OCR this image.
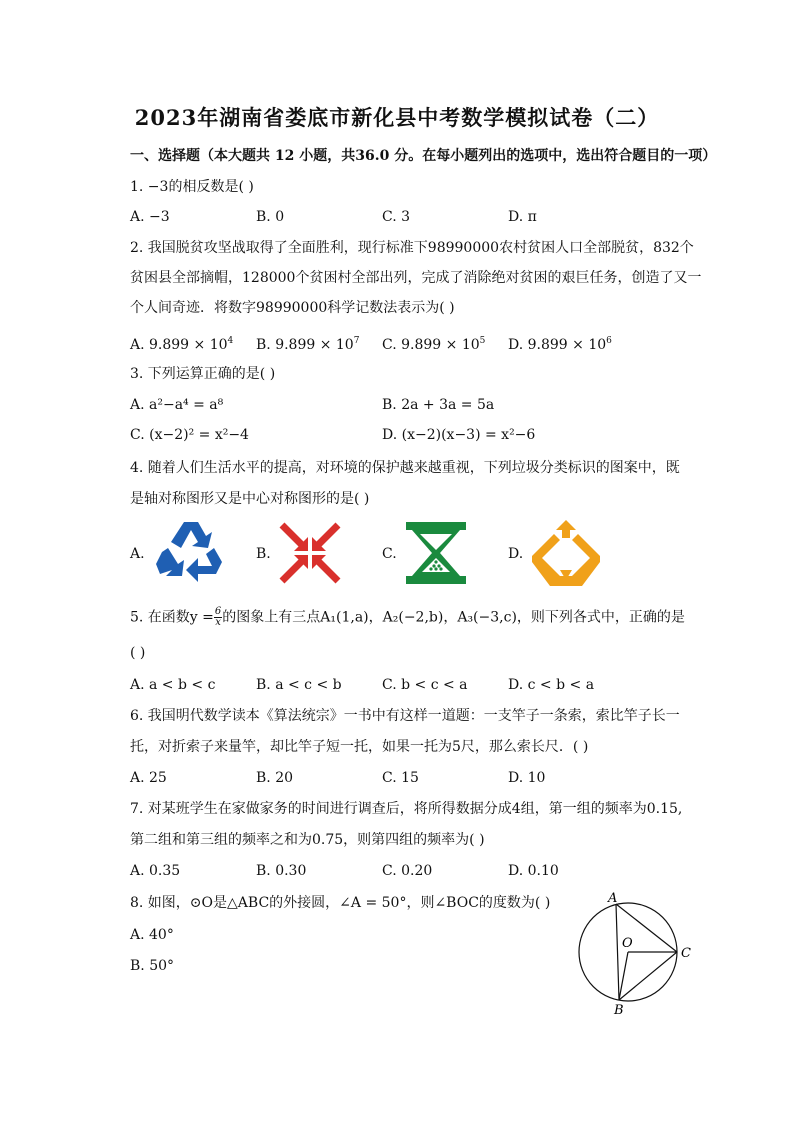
2023年湖南省娄底市新化县中考数学模拟试卷（二）
一、选择题（本大题共 12 小题，共36.0 分。在每小题列出的选项中，选出符合题目的一项）
1. −3的相反数是( )
A. −3	B. 0	C. 3	D. π
2. 我国脱贫攻坚战取得了全面胜利，现行标准下98990000农村贫困人口全部脱贫，832个
贫困县全部摘帽，128000个贫困村全部出列，完成了消除绝对贫困的艰巨任务，创造了又一
个人间奇迹．将数字98990000科学记数法表示为( )
A. $9.899 \times 10^4$ B. $9.899 \times 10^7$ C. $9.899 \times 10^5$ D. $9.899 \times 10^6$
3. 下列运算正确的是( )
A. a²−a⁴ = a⁸	B. 2a + 3a = 5a
C. (x−2)² = x²−4	D. (x−2)(x−3) = x²−6
4. 随着人们生活水平的提高，对环境的保护越来越重视，下列垃圾分类标识的图案中，既
是轴对称图形又是中心对称图形的是( )
A.	B.	C.	D.
5. 在函数$y = \frac{6}{x}$ 的图象上有三点A₁(1,a)，A₂(−2,b)，A₃(−3,c)，则下列各式中，正确的是
( )
A. a < b < c	B. a < c < b	C. b < c < a	D. c < b < a
6. 我国明代数学读本《算法统宗》一书中有这样一道题：一支竿子一条索，索比竿子长一
托，对折索子来量竿，却比竿子短一托，如果一托为5尺，那么索长尺．( )
A. 25	B. 20	C. 15	D. 10
7. 对某班学生在家做家务的时间进行调查后，将所得数据分成4组，第一组的频率为0.15,
第二组和第三组的频率之和为0.75，则第四组的频率为( )
A. 0.35	B. 0.30	C. 0.20	D. 0.10
8. 如图，⊙O是△ABC的外接圆，∠A = 50°，则∠BOC的度数为( )
A. 40°
B. 50°
A
O
C
B
